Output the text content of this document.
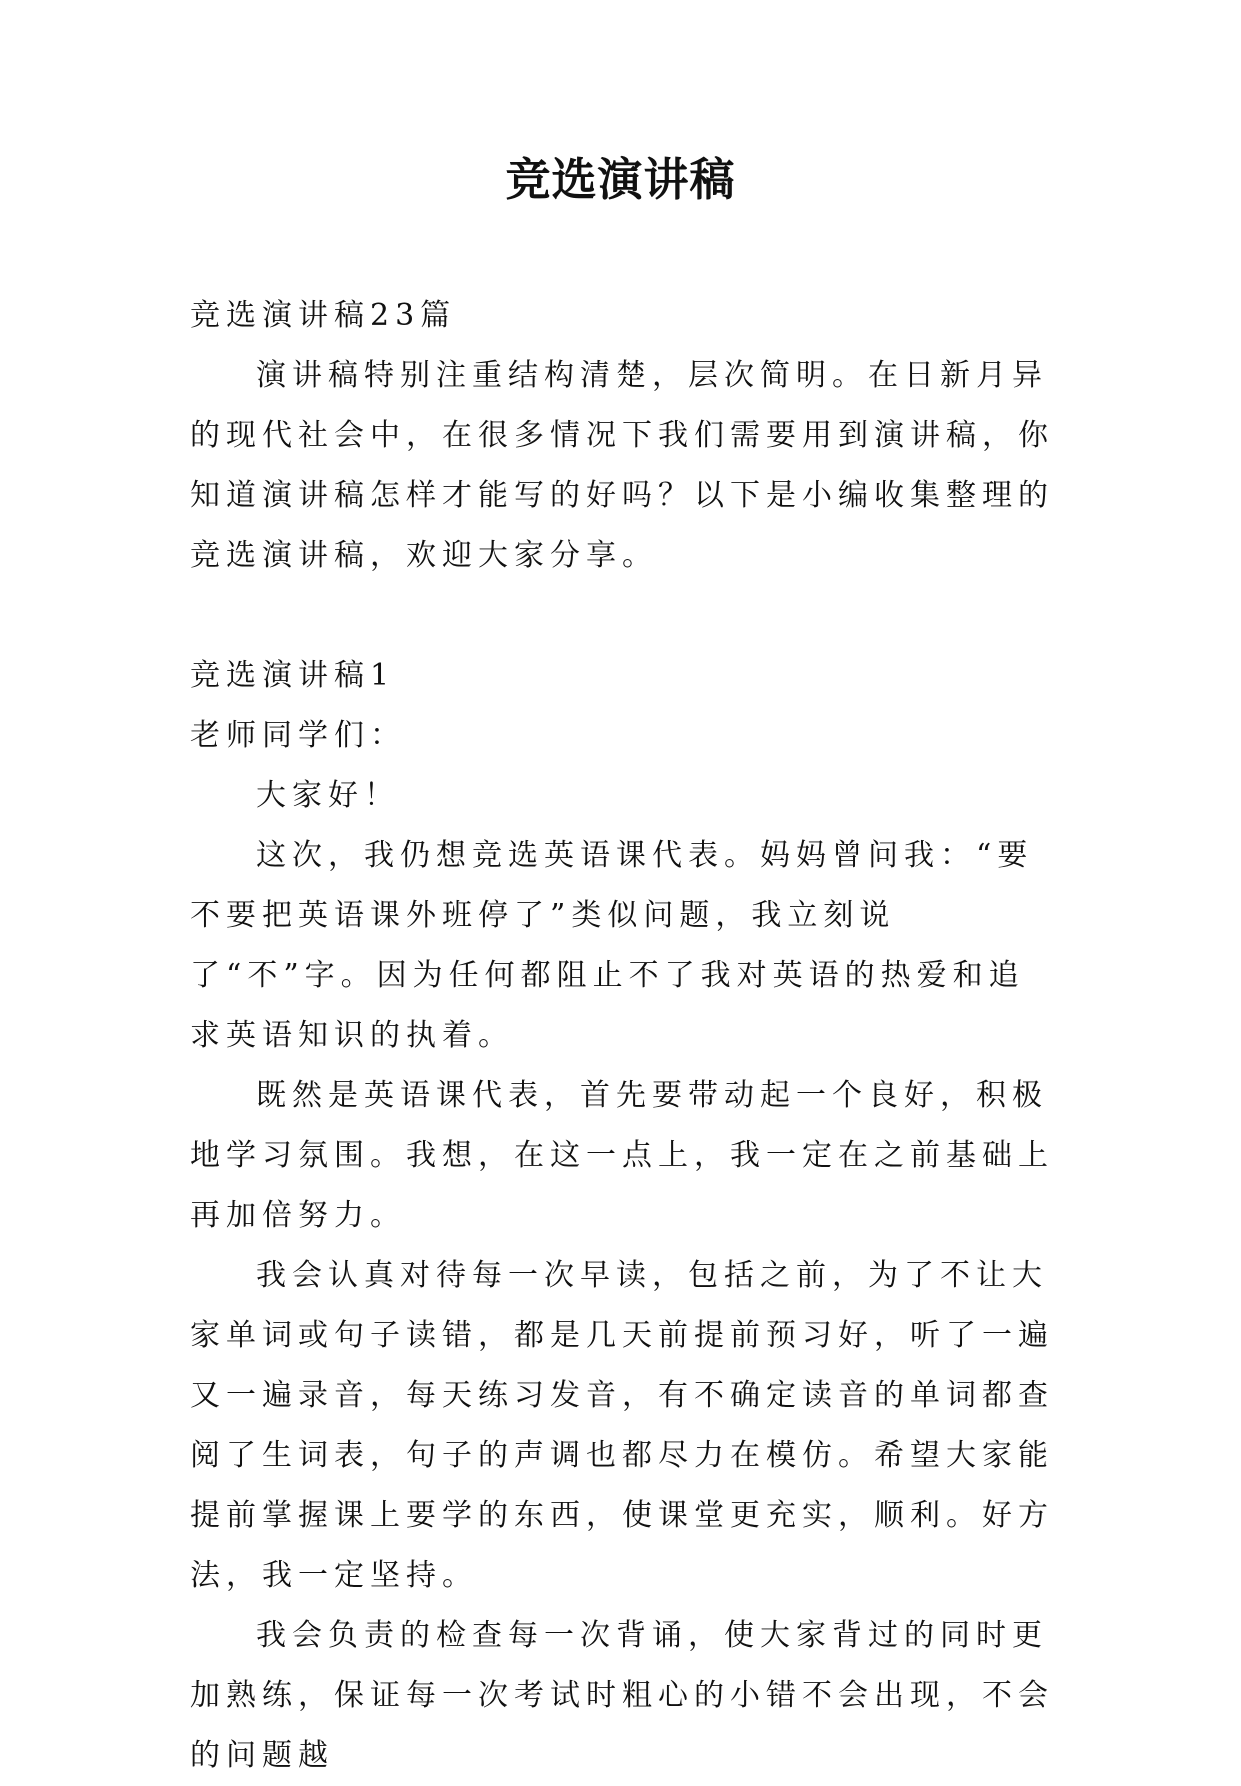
竞选演讲稿

竞选演讲稿23篇

演讲稿特别注重结构清楚，层次简明。在日新月异的现代社会中，在很多情况下我们需要用到演讲稿，你知道演讲稿怎样才能写的好吗？以下是小编收集整理的竞选演讲稿，欢迎大家分享。

竞选演讲稿1

老师同学们：

大家好！

这次，我仍想竞选英语课代表。妈妈曾问我：“要不要把英语课外班停了”类似问题，我立刻说了“不”字。因为任何都阻止不了我对英语的热爱和追求英语知识的执着。

既然是英语课代表，首先要带动起一个良好，积极地学习氛围。我想，在这一点上，我一定在之前基础上再加倍努力。

我会认真对待每一次早读，包括之前，为了不让大家单词或句子读错，都是几天前提前预习好，听了一遍又一遍录音，每天练习发音，有不确定读音的单词都查阅了生词表，句子的声调也都尽力在模仿。希望大家能提前掌握课上要学的东西，使课堂更充实，顺利。好方法，我一定坚持。

我会负责的检查每一次背诵，使大家背过的同时更加熟练，保证每一次考试时粗心的小错不会出现，不会的问题越
